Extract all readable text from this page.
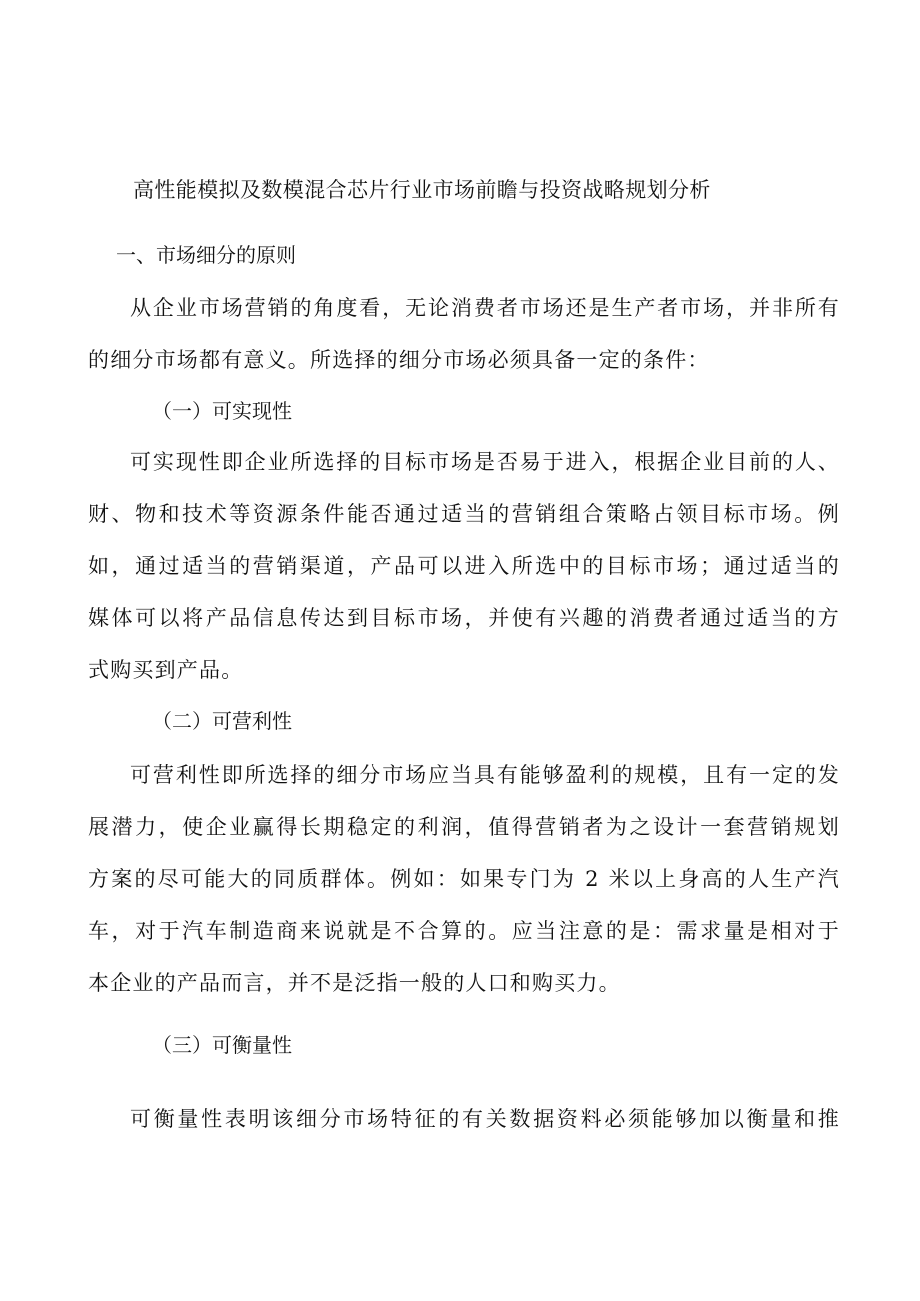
高性能模拟及数模混合芯片行业市场前瞻与投资战略规划分析
一、市场细分的原则

从企业市场营销的角度看，无论消费者市场还是生产者市场，并非所有
的细分市场都有意义。所选择的细分市场必须具备一定的条件：

（一）可实现性

可实现性即企业所选择的目标市场是否易于进入，根据企业目前的人、
财、物和技术等资源条件能否通过适当的营销组合策略占领目标市场。例
如，通过适当的营销渠道，产品可以进入所选中的目标市场；通过适当的
媒体可以将产品信息传达到目标市场，并使有兴趣的消费者通过适当的方
式购买到产品。

（二）可营利性

可营利性即所选择的细分市场应当具有能够盈利的规模，且有一定的发
展潜力，使企业赢得长期稳定的利润，值得营销者为之设计一套营销规划
方案的尽可能大的同质群体。例如：如果专门为 2 米以上身高的人生产汽
车，对于汽车制造商来说就是不合算的。应当注意的是：需求量是相对于
本企业的产品而言，并不是泛指一般的人口和购买力。

（三）可衡量性

可衡量性表明该细分市场特征的有关数据资料必须能够加以衡量和推
